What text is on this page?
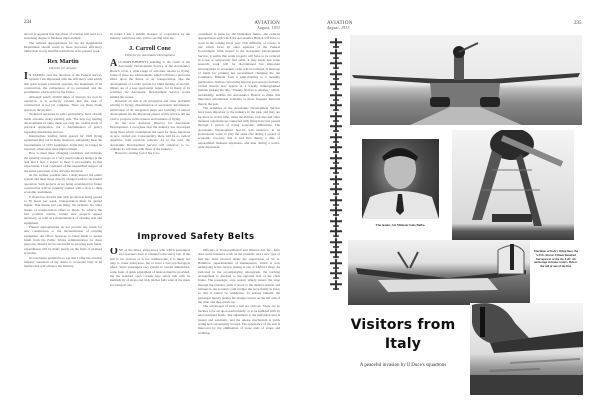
234	AVIATION
August, 1933

ation it is apparent that this phase of aviation will react to a surprising degree to business improvement.

The reduced appropriations for the Air Regulations Department should result in more increased efficiency rather than in any harmful restrictions of its present work.

Rex Martin
Director for Airways

I N TAKING over the direction of the Federal Airway System I am impressed with the efficiency with which this great system presently operates, the magnitude of its construction, the competence of its personnel and the possibilities which exist for the future.

Although nearly 20,000 miles of airways are now in operation, it is perfectly evident that the task of construction is not yet complete. There are many blank spaces in the picture.

Technical advances in radio particularly, have already made obsolete, many existing aids. The new fog landing developments in radio mean not only the careful study of practical application, but a determination of policy regarding installation and use.

Intermediate landing fields spaced for 1926 flying equipment may not in many instances, adequately meet the requirements of 1933 equipment. Some may no longer be required, others may need improvement.

How to meet these changing conditions and maintain the existing airways on a very much reduced budget is the task that I face. I expect to meet it successfully. In this expectation, I feel confident of the unqualified support of the entire personnel of the Airways Division.

At the earliest possible time I shall inspect the entire system and meet those directly charged with its successful operation. Such projects as are being considered for future construction will be carefully studied with a view to their economic usefulness.

It should be obvious that with production being geared to 30 hours per week, transportation must be geared higher. This means just one thing, the airplane. No other means of transportation offers so much. To achieve the best possible results, certain new projects appear necessary, as well as a modernization of existing aids and equipment.

Present appropriations do not provide any funds for new construction or the modernization of existing equipment. An effort, however, is being made to secure funds from the Public Works Administration for these purposes. Should we be successful in securing such funds, expenditures will be made purely on the basis of planned economy.

In conclusion permit me to say that I offer the aviation industry assurance of my desire to cooperate fully in all matters that will advance the industry.

In return I ask a similar measure of cooperation by the industry with those who will be serving with me.

J. Carroll Cone
Director for Aeronautic Development

ACCOMPLISHMENTS standing to the credit of the Aeronautic Development Service of the Aeronautics Branch cover a wide range of activities related to flying. Some of these are achievements which will have a profound effect upon the future of air transportation, like the development of a radio system for blind landing of aircraft. Others are of a less spectacular nature, for in many of its activities the Aeronautic Development Service works behind the scenes.

Research on aids to air navigation and other problems relating to flying, dissemination of aeronautic information, publication of air navigation maps and fostering of airport development are the important phases of this service. All are vital to progress in the science and business of flying.

As the new Assistant Director for Aeronautic Development, I recognize that the industry has developed along lines which contemplate the need for those functions as now carried out. Consequently, there will be no radical departure from previous policies. As in the past, the Aeronautic Development Service will endeavor to co-ordinate its activities with those of the industry.

However, another factor has to be

considered in plans for the immediate future—the reduced appropriation with which the Aeronautics Branch will have to work in the coming fiscal year. This difficulty, of course, is one which faces all other agencies of the Federal Government. With respect to the Aeronautic Development Service, it seems that some projects will have to be reduced in scope or temporarily laid aside. It may mean that some research work will be discontinued but important investigations in aeronautic radio will be retained. A shortage of funds for printing has necessitated changing the Air Commerce Bulletin from a semi-monthly to a monthly publication. Notices concerning airports and airways formerly carried therein now appear in a weekly mimeographed bulletin bearing the title, "Weekly Notices to Airmen," which, incidentally, enables the Aeronautics Branch to make this important information available at more frequent intervals than in the past.

The activities of the Aeronautic Development Service have been important to the industry in the past, and they are far more so at this time, when the airlines, factories and other business organizations connected with flying have just passed through a period of trying economic difficulties. The Aeronautic Development Service will endeavor, in its promotional work, to play the same rôle during a period of economic recovery that it had first during a time of unparalleled business expansion, and later during a world-wide depression.

Improved Safety Belts

ONE of the minor annoyances with which passengers and operators have to contend is the safety belt. If the belt is too obvious or is too cumbersome, it is likely not only to cause annoyance, but to have a bad psychological effect. Since passengers vary greatly in overall dimensions, some form of quick adjustment of tension must be provided, but the standard open cockpit type safety belt with its multiplicity of straps and trick latches falls wide of the mark for transport use.

Officials of Transcontinental and Western Air, Inc., have done some intensive work on the problem, and a new type of belt has been evolved under the supervision of W. A. Hamilton, superintendent of maintenance, which is now undergoing active service testing in one of T&WA's ships. As indicated in the accompanying photograph, the latching arrangement is attached to the opposite side of the chair frame. The passenger, once seated, simply inserts the strap through the fastener, pulls it down to the desired tension and releases it. An eccentric cam wedges the strap firmly in place so that it cannot be withdrawn. To release himself, the passenger merely pushes the plunger button on the left arm of the chair and then stands up.

The advantages of such a belt are obvious. There are no buckles to be sat upon inadvertently, or to be fumbled with by unaccustomed hands. The adjustment to the individual user is instant and automatic, and the release mechanism is quick acting and conveniently located. The appearance of the seat is improved by the elimination of loose ends of straps and webbing.

AVIATION
August, 1933
235
The leader, Air Minister Italo Balbo.
Machines of Italy's flying fleet, the S.55X. Above: Fifteen hundred horsepower at the tip. Left: An anchorage in home waters. Below: the tail of one of the line.
Visitors from
Italy
A peaceful invasion by Il Duce's squadrons
